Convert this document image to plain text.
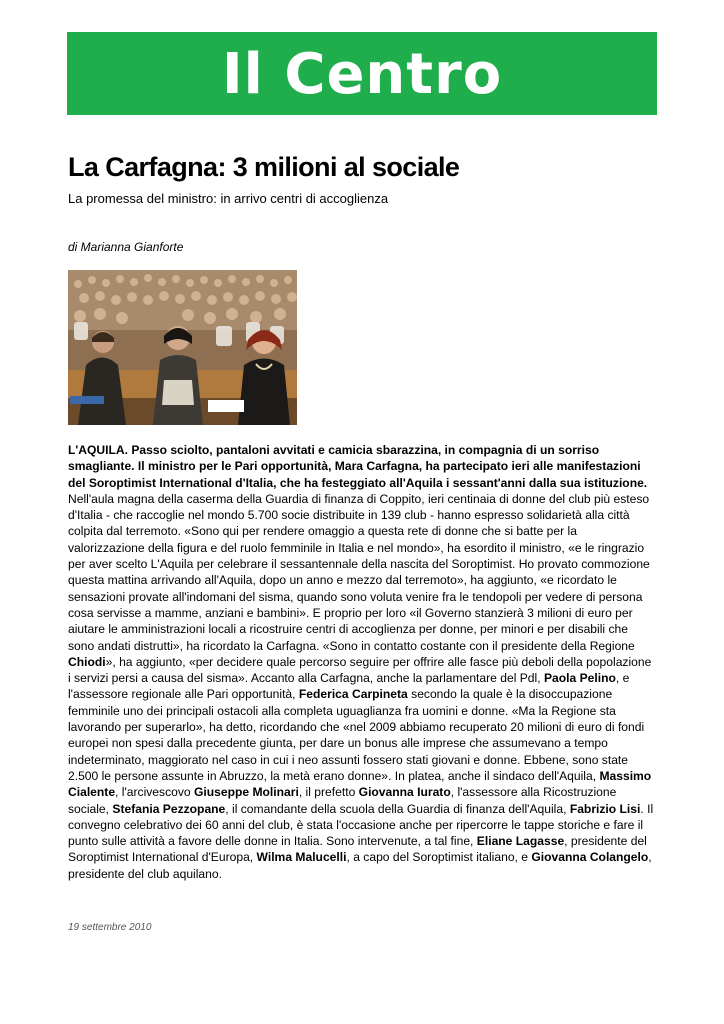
Il Centro
La Carfagna: 3 milioni al sociale
La promessa del ministro: in arrivo centri di accoglienza
di Marianna Gianforte

L'AQUILA. Passo sciolto, pantaloni avvitati e camicia sbarazzina, in compagnia di un sorriso smagliante. Il ministro per le Pari opportunità, Mara Carfagna, ha partecipato ieri alle manifestazioni del Soroptimist International d'Italia, che ha festeggiato all'Aquila i sessant'anni dalla sua istituzione.

Nell'aula magna della caserma della Guardia di finanza di Coppito, ieri centinaia di donne del club più esteso d'Italia - che raccoglie nel mondo 5.700 socie distribuite in 139 club - hanno espresso solidarietà alla città colpita dal terremoto. «Sono qui per rendere omaggio a questa rete di donne che si batte per la valorizzazione della figura e del ruolo femminile in Italia e nel mondo», ha esordito il ministro, «e le ringrazio per aver scelto L'Aquila per celebrare il sessantennale della nascita del Soroptimist. Ho provato commozione questa mattina arrivando all'Aquila, dopo un anno e mezzo dal terremoto», ha aggiunto, «e ricordato le sensazioni provate all'indomani del sisma, quando sono voluta venire fra le tendopoli per vedere di persona cosa servisse a mamme, anziani e bambini». E proprio per loro «il Governo stanzierà 3 milioni di euro per aiutare le amministrazioni locali a ricostruire centri di accoglienza per donne, per minori e per disabili che sono andati distrutti», ha ricordato la Carfagna. «Sono in contatto costante con il presidente della Regione Chiodi», ha aggiunto, «per decidere quale percorso seguire per offrire alle fasce più deboli della popolazione i servizi persi a causa del sisma». Accanto alla Carfagna, anche la parlamentare del Pdl, Paola Pelino, e l'assessore regionale alle Pari opportunità, Federica Carpineta secondo la quale è la disoccupazione femminile uno dei principali ostacoli alla completa uguaglianza fra uomini e donne. «Ma la Regione sta lavorando per superarlo», ha detto, ricordando che «nel 2009 abbiamo recuperato 20 milioni di euro di fondi europei non spesi dalla precedente giunta, per dare un bonus alle imprese che assumevano a tempo indeterminato, maggiorato nel caso in cui i neo assunti fossero stati giovani e donne. Ebbene, sono state 2.500 le persone assunte in Abruzzo, la metà erano donne». In platea, anche il sindaco dell'Aquila, Massimo Cialente, l'arcivescovo Giuseppe Molinari, il prefetto Giovanna Iurato, l'assessore alla Ricostruzione sociale, Stefania Pezzopane, il comandante della scuola della Guardia di finanza dell'Aquila, Fabrizio Lisi. Il convegno celebrativo dei 60 anni del club, è stata l'occasione anche per ripercorre le tappe storiche e fare il punto sulle attività a favore delle donne in Italia. Sono intervenute, a tal fine, Eliane Lagasse, presidente del Soroptimist International d'Europa, Wilma Malucelli, a capo del Soroptimist italiano, e Giovanna Colangelo, presidente del club aquilano.

19 settembre 2010
